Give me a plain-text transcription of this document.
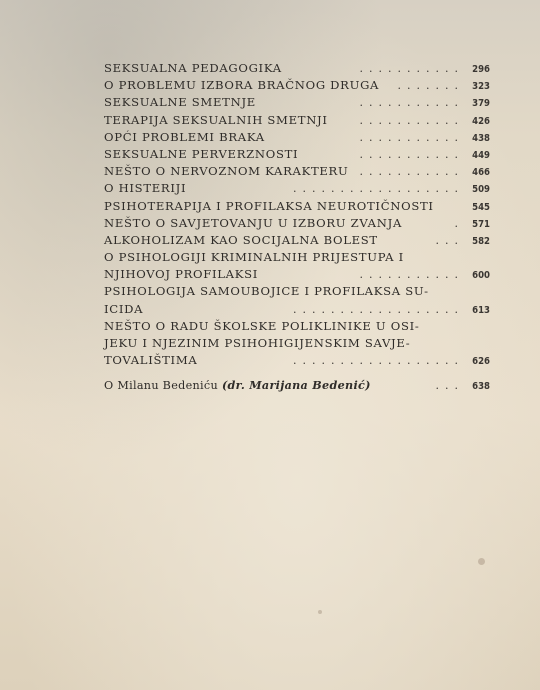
SEKSUALNA PEDAGOGIKA	........... 296
O PROBLEMU IZBORA BRAČNOG DRUGA	....... 323
SEKSUALNE SMETNJE	........... 379
TERAPIJA SEKSUALNIH SMETNJI	........... 426
OPĆI PROBLEMI BRAKA	........... 438
SEKSUALNE PERVERZNOSTI	........... 449
NEŠTO O NERVOZNOM KARAKTERU	........... 466
O HISTERIJI	.................. 509
PSIHOTERAPIJA I PROFILAKSA NEUROTIČNOSTI	545
NEŠTO O SAVJETOVANJU U IZBORU ZVANJA	. 571
ALKOHOLIZAM KAO SOCIJALNA BOLEST	... 582
O PSIHOLOGIJI KRIMINALNIH PRIJESTUPA I
NJIHOVOJ PROFILAKSI	........... 600
PSIHOLOGIJA SAMOUBOJICE I PROFILAKSA SU-
ICIDA	.................. 613
NEŠTO O RADU ŠKOLSKE POLIKLINIKE U OSI-
JEKU I NJEZINIM PSIHOHIGIJENSKIM SAVJE-
TOVALIŠTIMA	.................. 626
O Milanu Bedeniću (dr. Marijana Bedenić)	... 638
